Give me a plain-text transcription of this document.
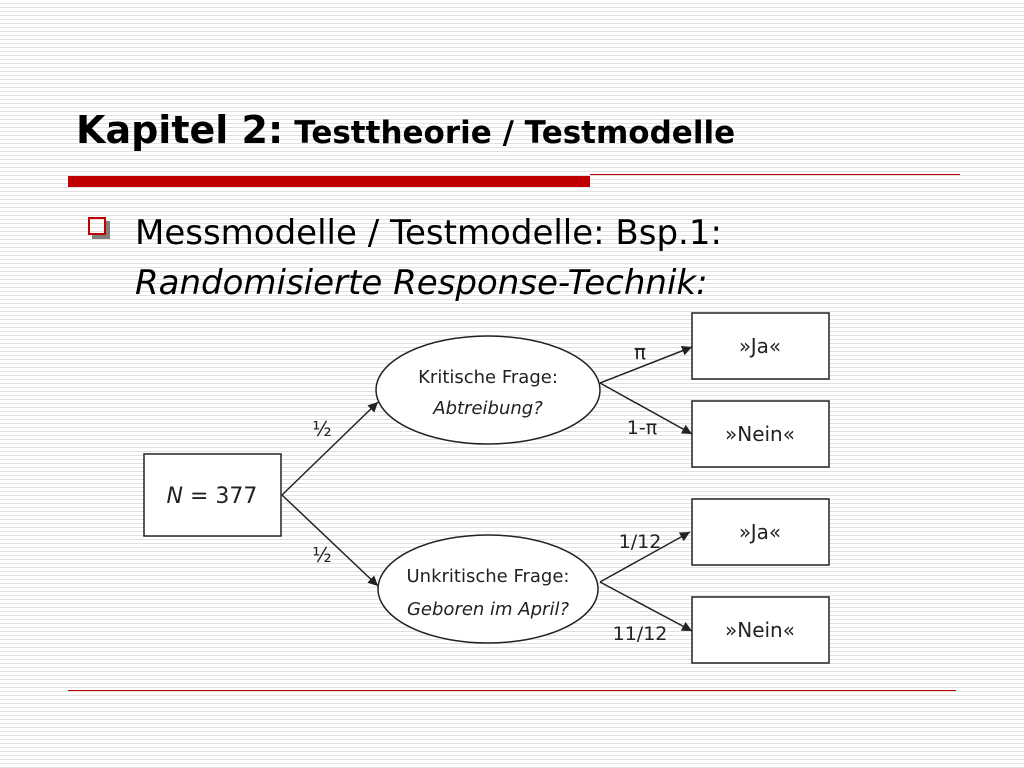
Kapitel 2: Testtheorie / Testmodelle
Messmodelle / Testmodelle: Bsp.1:
Randomisierte Response-Technik:
N = 377
½
½
Kritische Frage:
Abtreibung?
Unkritische Frage:
Geboren im April?
π
1-π
1/12
11/12
»Ja«
»Nein«
»Ja«
»Nein«
